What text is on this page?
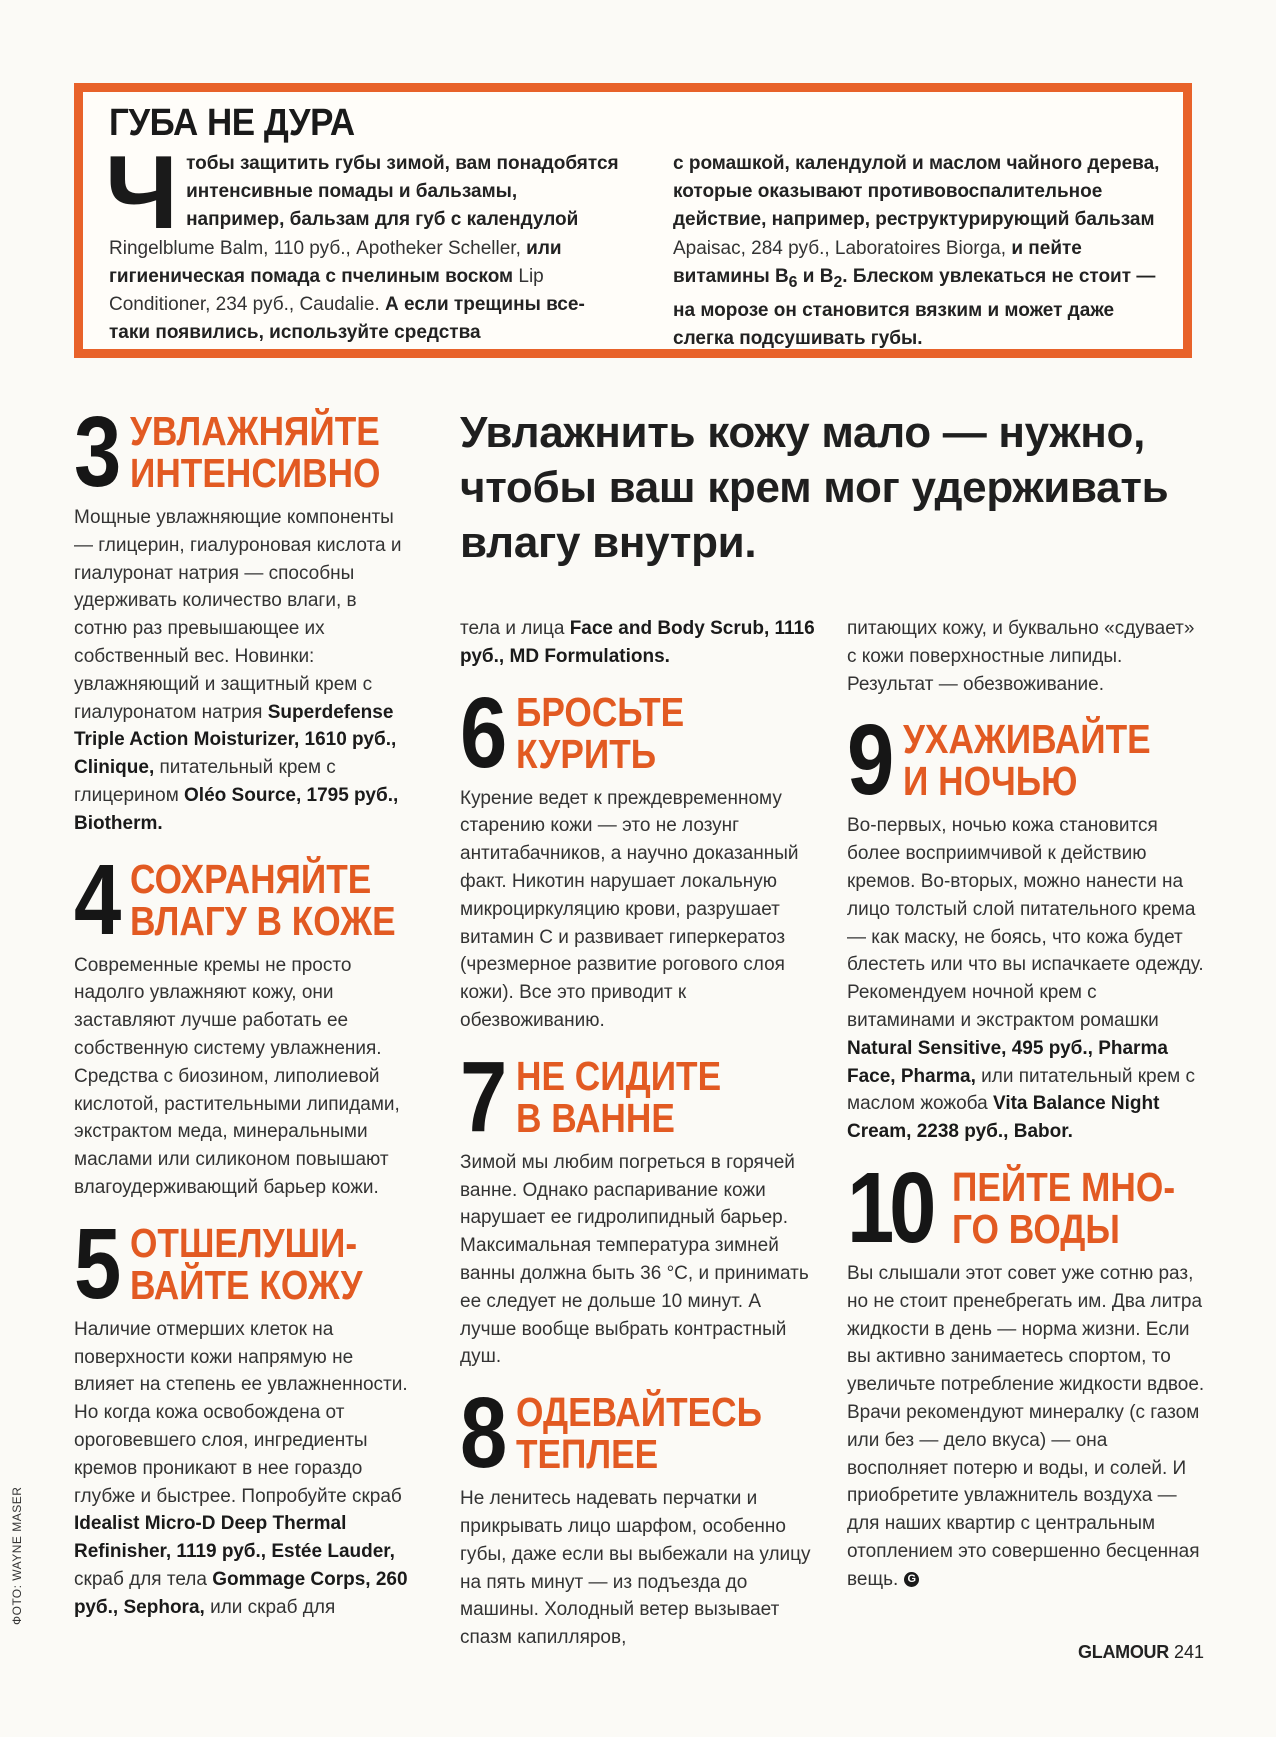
ГУБА НЕ ДУРА
Ч тобы защитить губы зимой, вам понадобятся интенсивные помады и бальзамы, например, бальзам для губ с календулой Ringelblume Balm, 110 руб., Apotheker Scheller, или гигиеническая помада с пчелиным воском Lip Conditioner, 234 руб., Caudalie. А если трещины все-таки появились, используйте средства
с ромашкой, календулой и маслом чайного дерева, которые оказывают противовоспалительное действие, например, реструктурирующий бальзам Apaisac, 284 руб., Laboratoires Biorga, и пейте витамины $В_6$ и $В_2$. Блеском увлекаться не стоит — на морозе он становится вязким и может даже слегка подсушивать губы.
Увлажнить кожу мало — нужно, чтобы ваш крем мог удерживать влагу внутри.
3 УВЛАЖНЯЙТЕ
ИНТЕНСИВНО

Мощные увлажняющие компоненты — глицерин, гиалуроновая кислота и гиалуронат натрия — способны удерживать количество влаги, в сотню раз превышающее их собственный вес. Новинки: увлажняющий и защитный крем с гиалуронатом натрия Superdefense Triple Action Moisturizer, 1610 руб., Clinique, питательный крем с глицерином Oléo Source, 1795 руб., Biotherm.

4 СОХРАНЯЙТЕ
ВЛАГУ В КОЖЕ

Современные кремы не просто надолго увлажняют кожу, они заставляют лучше работать ее собственную систему увлажнения. Средства с биозином, липолиевой кислотой, растительными липидами, экстрактом меда, минеральными маслами или силиконом повышают влагоудерживающий барьер кожи.

5 ОТШЕЛУШИ-
ВАЙТЕ КОЖУ

Наличие отмерших клеток на поверхности кожи напрямую не влияет на степень ее увлажненности. Но когда кожа освобождена от ороговевшего слоя, ингредиенты кремов проникают в нее гораздо глубже и быстрее. Попробуйте скраб Idealist Micro-D Deep Thermal Refinisher, 1119 руб., Estée Lauder, скраб для тела Gommage Corps, 260 руб., Sephora, или скраб для

тела и лица Face and Body Scrub, 1116 руб., MD Formulations.

6 БРОСЬТЕ
КУРИТЬ

Курение ведет к преждевременному старению кожи — это не лозунг антитабачников, а научно доказанный факт. Никотин нарушает локальную микроциркуляцию крови, разрушает витамин С и развивает гиперкератоз (чрезмерное развитие рогового слоя кожи). Все это приводит к обезвоживанию.

7 НЕ СИДИТЕ
В ВАННЕ

Зимой мы любим погреться в горячей ванне. Однако распаривание кожи нарушает ее гидролипидный барьер. Максимальная температура зимней ванны должна быть 36 °С, и принимать ее следует не дольше 10 минут. А лучше вообще выбрать контрастный душ.

8 ОДЕВАЙТЕСЬ
ТЕПЛЕЕ

Не ленитесь надевать перчатки и прикрывать лицо шарфом, особенно губы, даже если вы выбежали на улицу на пять минут — из подъезда до машины. Холодный ветер вызывает спазм капилляров,

питающих кожу, и буквально «сдувает» с кожи поверхностные липиды. Результат — обезвоживание.

9 УХАЖИВАЙТЕ
И НОЧЬЮ

Во-первых, ночью кожа становится более восприимчивой к действию кремов. Во-вторых, можно нанести на лицо толстый слой питательного крема — как маску, не боясь, что кожа будет блестеть или что вы испачкаете одежду. Рекомендуем ночной крем с витаминами и экстрактом ромашки Natural Sensitive, 495 руб., Pharma Face, Pharma, или питательный крем с маслом жожоба Vita Balance Night Cream, 2238 руб., Babor.

10 ПЕЙТЕ МНО-
ГО ВОДЫ

Вы слышали этот совет уже сотню раз, но не стоит пренебрегать им. Два литра жидкости в день — норма жизни. Если вы активно занимаетесь спортом, то увеличьте потребление жидкости вдвое. Врачи рекомендуют минералку (с газом или без — дело вкуса) — она восполняет потерю и воды, и солей. И приобретите увлажнитель воздуха — для наших квартир с центральным отоплением это совершенно бесценная вещь. G

ФОТО: WAYNE MASER
GLAMOUR 241
